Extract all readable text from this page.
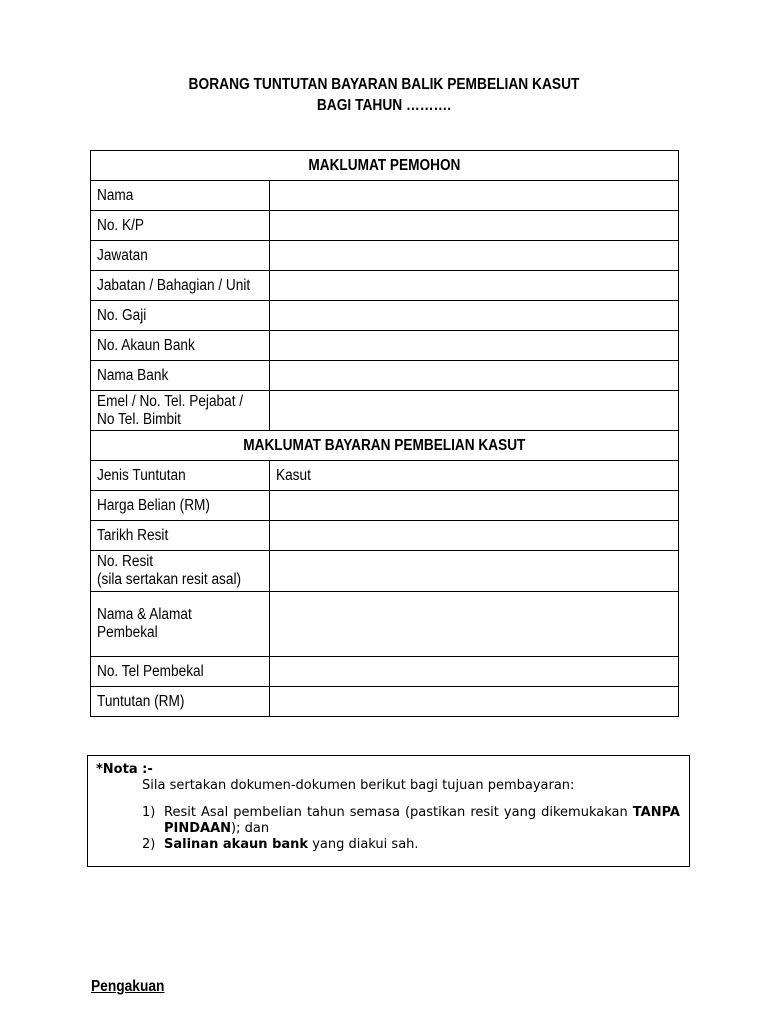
BORANG TUNTUTAN BAYARAN BALIK PEMBELIAN KASUT
BAGI TAHUN ……….
MAKLUMAT PEMOHON	
Nama	
No. K/P	
Jawatan	
Jabatan / Bahagian / Unit	
No. Gaji	
No. Akaun Bank	
Nama Bank	
Emel / No. Tel. Pejabat /
No Tel. Bimbit	
MAKLUMAT BAYARAN PEMBELIAN KASUT	
Jenis Tuntutan	Kasut
Harga Belian (RM)	
Tarikh Resit	
No. Resit
(sila sertakan resit asal)	
Nama & Alamat
Pembekal	
No. Tel Pembekal	
Tuntutan (RM)	
*Nota :-
Sila sertakan dokumen-dokumen berikut bagi tujuan pembayaran:
1) Resit Asal pembelian tahun semasa (pastikan resit yang dikemukakan TANPA PINDAAN); dan
2) Salinan akaun bank yang diakui sah.
Pengakuan
